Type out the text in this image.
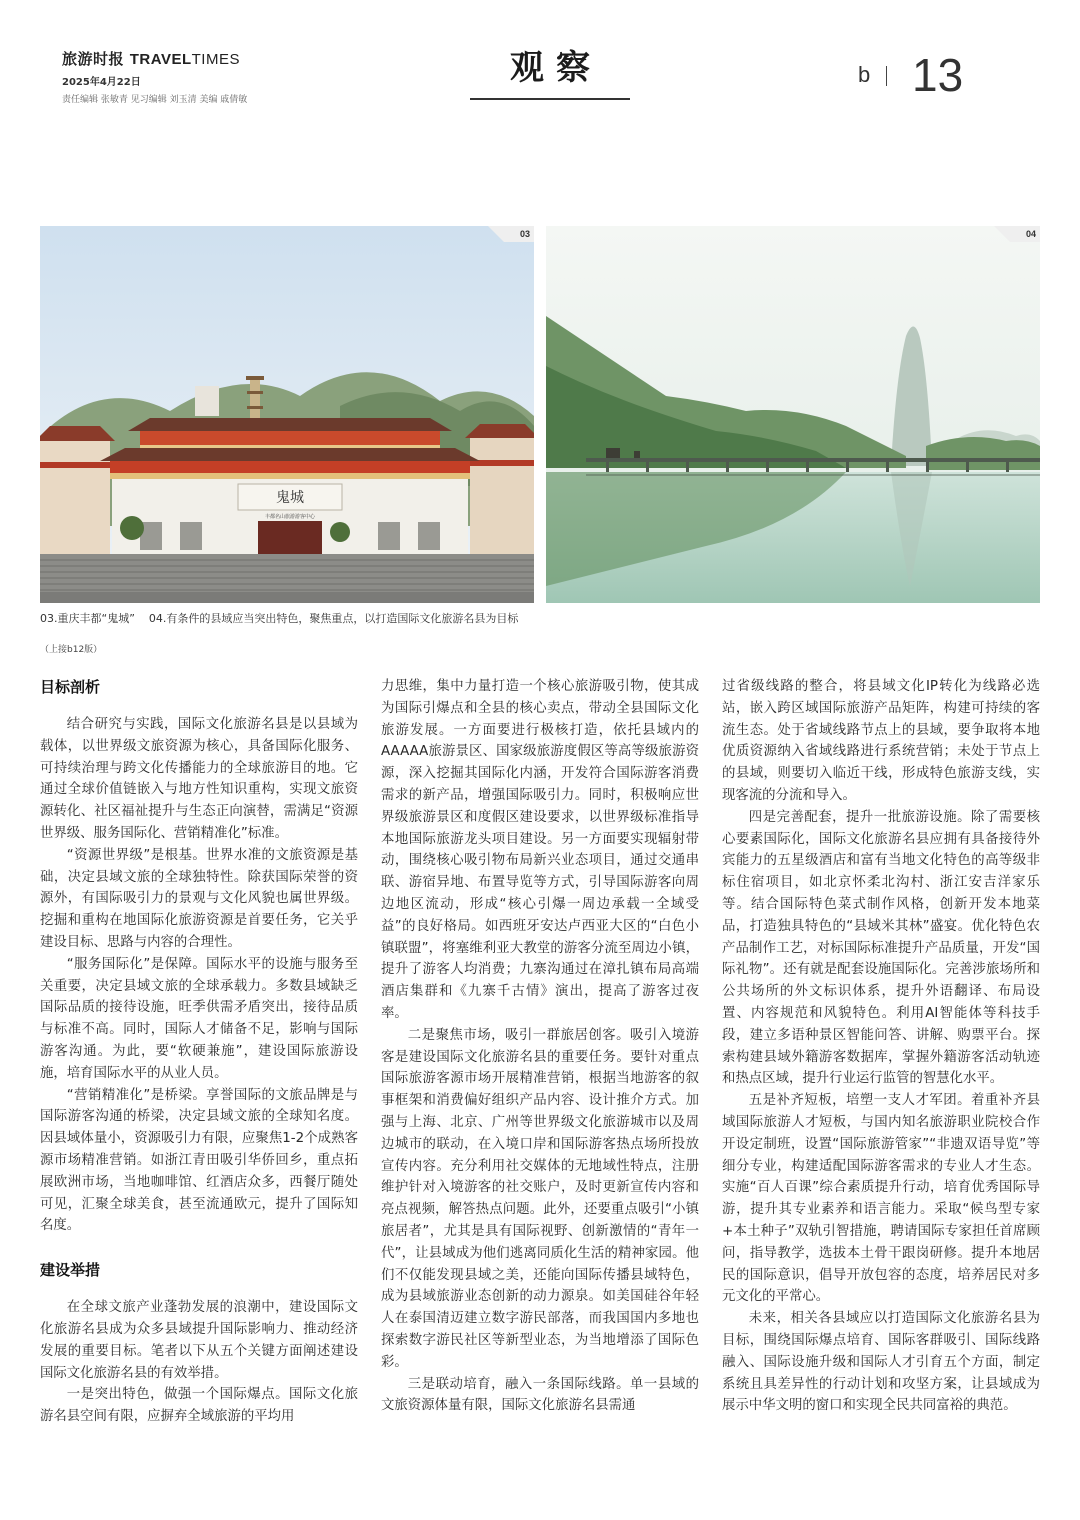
旅游时报 TRAVELTIMES
2025年4月22日
责任编辑 张敏青 见习编辑 刘玉清 美编 戚倩敏
观察	b 13
鬼城
丰都名山旅游游客中心
03	04
03.重庆丰都“鬼城” 04.有条件的县域应当突出特色，聚焦重点，以打造国际文化旅游名县为目标
（上接b12版）
目标剖析

结合研究与实践，国际文化旅游名县是以县域为载体，以世界级文旅资源为核心，具备国际化服务、可持续治理与跨文化传播能力的全球旅游目的地。它通过全球价值链嵌入与地方性知识重构，实现文旅资源转化、社区福祉提升与生态正向演替，需满足“资源世界级、服务国际化、营销精准化”标准。

“资源世界级”是根基。世界水准的文旅资源是基础，决定县域文旅的全球独特性。除获国际荣誉的资源外，有国际吸引力的景观与文化风貌也属世界级。挖掘和重构在地国际化旅游资源是首要任务，它关乎建设目标、思路与内容的合理性。

“服务国际化”是保障。国际水平的设施与服务至关重要，决定县域文旅的全球承载力。多数县域缺乏国际品质的接待设施，旺季供需矛盾突出，接待品质与标准不高。同时，国际人才储备不足，影响与国际游客沟通。为此，要“软硬兼施”，建设国际旅游设施，培育国际水平的从业人员。

“营销精准化”是桥梁。享誉国际的文旅品牌是与国际游客沟通的桥梁，决定县域文旅的全球知名度。因县域体量小，资源吸引力有限，应聚焦1-2个成熟客源市场精准营销。如浙江青田吸引华侨回乡，重点拓展欧洲市场，当地咖啡馆、红酒店众多，西餐厅随处可见，汇聚全球美食，甚至流通欧元，提升了国际知名度。

建设举措

在全球文旅产业蓬勃发展的浪潮中，建设国际文化旅游名县成为众多县域提升国际影响力、推动经济发展的重要目标。笔者以下从五个关键方面阐述建设国际文化旅游名县的有效举措。

一是突出特色，做强一个国际爆点。国际文化旅游名县空间有限，应摒弃全域旅游的平均用

力思维，集中力量打造一个核心旅游吸引物，使其成为国际引爆点和全县的核心卖点，带动全县国际文化旅游发展。一方面要进行极核打造，依托县域内的AAAAA旅游景区、国家级旅游度假区等高等级旅游资源，深入挖掘其国际化内涵，开发符合国际游客消费需求的新产品，增强国际吸引力。同时，积极响应世界级旅游景区和度假区建设要求，以世界级标准指导本地国际旅游龙头项目建设。另一方面要实现辐射带动，围绕核心吸引物布局新兴业态项目，通过交通串联、游宿异地、布置导览等方式，引导国际游客向周边地区流动，形成“核心引爆一周边承载一全域受益”的良好格局。如西班牙安达卢西亚大区的“白色小镇联盟”，将塞维利亚大教堂的游客分流至周边小镇，提升了游客人均消费；九寨沟通过在漳扎镇布局高端酒店集群和《九寨千古情》演出，提高了游客过夜率。

二是聚焦市场，吸引一群旅居创客。吸引入境游客是建设国际文化旅游名县的重要任务。要针对重点国际旅游客源市场开展精准营销，根据当地游客的叙事框架和消费偏好组织产品内容、设计推介方式。加强与上海、北京、广州等世界级文化旅游城市以及周边城市的联动，在入境口岸和国际游客热点场所投放宣传内容。充分利用社交媒体的无地域性特点，注册维护针对入境游客的社交账户，及时更新宣传内容和亮点视频，解答热点问题。此外，还要重点吸引“小镇旅居者”，尤其是具有国际视野、创新激情的“青年一代”，让县域成为他们逃离同质化生活的精神家园。他们不仅能发现县域之美，还能向国际传播县域特色，成为县域旅游业态创新的动力源泉。如美国硅谷年轻人在泰国清迈建立数字游民部落，而我国国内多地也探索数字游民社区等新型业态，为当地增添了国际色彩。

三是联动培育，融入一条国际线路。单一县域的文旅资源体量有限，国际文化旅游名县需通

过省级线路的整合，将县域文化IP转化为线路必选站，嵌入跨区域国际旅游产品矩阵，构建可持续的客流生态。处于省域线路节点上的县域，要争取将本地优质资源纳入省域线路进行系统营销；未处于节点上的县域，则要切入临近干线，形成特色旅游支线，实现客流的分流和导入。

四是完善配套，提升一批旅游设施。除了需要核心要素国际化，国际文化旅游名县应拥有具备接待外宾能力的五星级酒店和富有当地文化特色的高等级非标住宿项目，如北京怀柔北沟村、浙江安吉洋家乐等。结合国际特色菜式制作风格，创新开发本地菜品，打造独具特色的“县域米其林”盛宴。优化特色农产品制作工艺，对标国际标准提升产品质量，开发“国际礼物”。还有就是配套设施国际化。完善涉旅场所和公共场所的外文标识体系，提升外语翻译、布局设置、内容规范和风貌特色。利用AI智能体等科技手段，建立多语种景区智能问答、讲解、购票平台。探索构建县域外籍游客数据库，掌握外籍游客活动轨迹和热点区域，提升行业运行监管的智慧化水平。

五是补齐短板，培塑一支人才军团。着重补齐县域国际旅游人才短板，与国内知名旅游职业院校合作开设定制班，设置“国际旅游管家”“非遗双语导览”等细分专业，构建适配国际游客需求的专业人才生态。实施“百人百课”综合素质提升行动，培育优秀国际导游，提升其专业素养和语言能力。采取“候鸟型专家+本土种子”双轨引智措施，聘请国际专家担任首席顾问，指导教学，选拔本土骨干跟岗研修。提升本地居民的国际意识，倡导开放包容的态度，培养居民对多元文化的平常心。

未来，相关各县域应以打造国际文化旅游名县为目标，围绕国际爆点培育、国际客群吸引、国际线路融入、国际设施升级和国际人才引育五个方面，制定系统且具差异性的行动计划和攻坚方案，让县域成为展示中华文明的窗口和实现全民共同富裕的典范。
